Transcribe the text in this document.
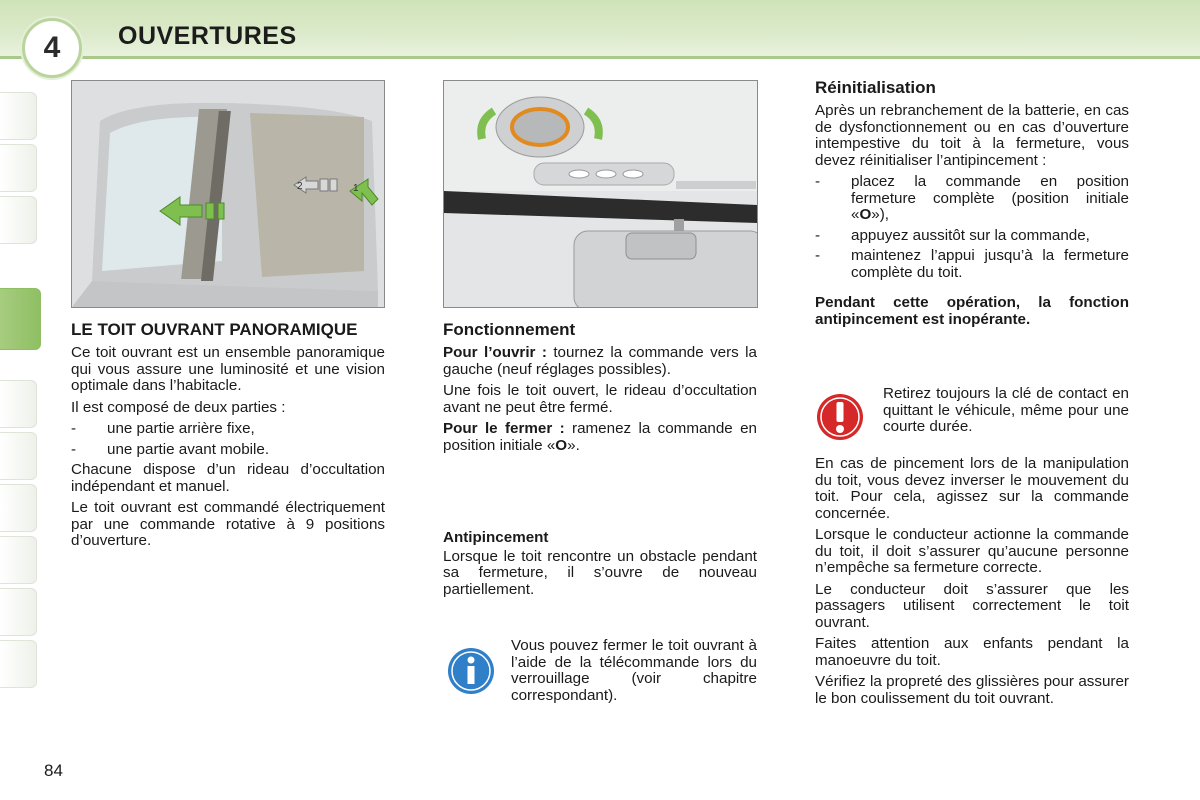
4	OUVERTURES
2	1
LE TOIT OUVRANT PANORAMIQUE

Ce toit ouvrant est un ensemble panoramique qui vous assure une luminosité et une vision optimale dans l’habitacle.

Il est composé de deux parties :

-	une partie arrière fixe,
-	une partie avant mobile.

Chacune dispose d’un rideau d’occultation indépendant et manuel.

Le toit ouvrant est commandé électriquement par une commande rotative à 9 positions d’ouverture.

Fonctionnement

Pour l’ouvrir : tournez la commande vers la gauche (neuf réglages possibles).

Une fois le toit ouvert, le rideau d’occultation avant ne peut être fermé.

Pour le fermer : ramenez la commande en position initiale «O».

Antipincement

Lorsque le toit rencontre un obstacle pendant sa fermeture, il s’ouvre de nouveau partiellement.

Vous pouvez fermer le toit ouvrant à l’aide de la télécommande lors du verrouillage (voir chapitre correspondant).

Réinitialisation

Après un rebranchement de la batterie, en cas de dysfonctionnement ou en cas d’ouverture intempestive du toit à la fermeture, vous devez réinitialiser l’antipincement :

-	placez la commande en position fermeture complète (position initiale «O»),
-	appuyez aussitôt sur la commande,
-	maintenez l’appui jusqu’à la fermeture complète du toit.

Pendant cette opération, la fonction antipincement est inopérante.

Retirez toujours la clé de contact en quittant le véhicule, même pour une courte durée.

En cas de pincement lors de la manipulation du toit, vous devez inverser le mouvement du toit. Pour cela, agissez sur la commande concernée.

Lorsque le conducteur actionne la commande du toit, il doit s’assurer qu’aucune personne n’empêche sa fermeture correcte.

Le conducteur doit s’assurer que les passagers utilisent correctement le toit ouvrant.

Faites attention aux enfants pendant la manoeuvre du toit.

Vérifiez la propreté des glissières pour assurer le bon coulissement du toit ouvrant.

84
